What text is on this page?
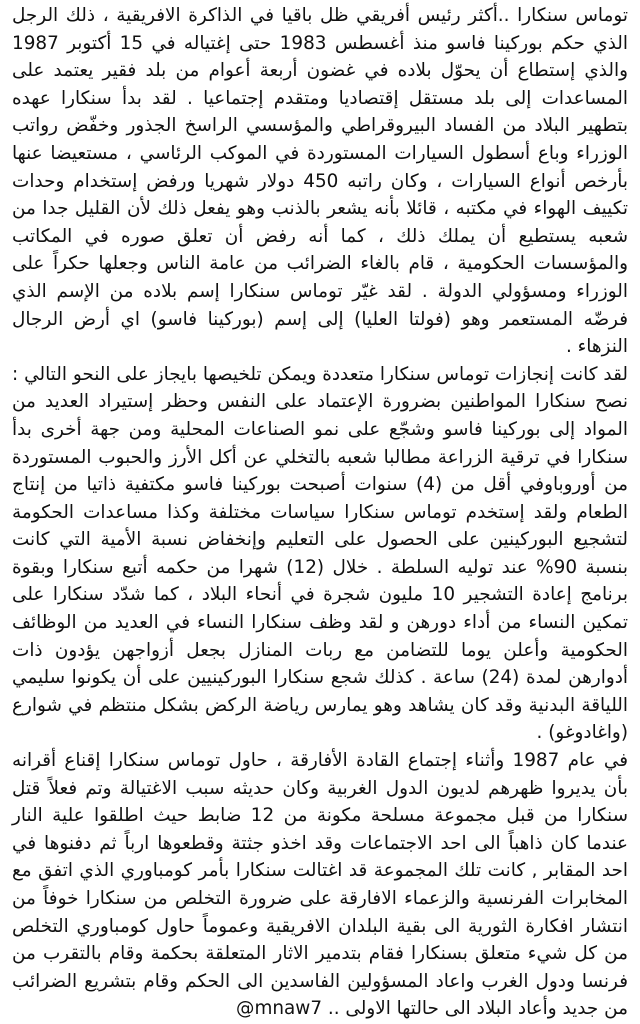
توماس سنكارا ..أكثر رئيس أفريقي ظل باقيا في الذاكرة الافريقية ، ذلك الرجل الذي حكم بوركينا فاسو منذ أغسطس 1983 حتى إغتياله في 15 أكتوبر 1987 والذي إستطاع أن يحوّل بلاده في غضون أربعة أعوام من بلد فقير يعتمد على المساعدات إلى بلد مستقل إقتصاديا ومتقدم إجتماعيا . لقد بدأ سنكارا عهده بتطهير البلاد من الفساد البيروقراطي والمؤسسي الراسخ الجذور وخفّض رواتب الوزراء وباع أسطول السيارات المستوردة في الموكب الرئاسي ، مستعيضا عنها بأرخص أنواع السيارات ، وكان راتبه 450 دولار شهريا ورفض إستخدام وحدات تكييف الهواء في مكتبه ، قائلا بأنه يشعر بالذنب وهو يفعل ذلك لأن القليل جدا من شعبه يستطيع أن يملك ذلك ، كما أنه رفض أن تعلق صوره في المكاتب والمؤسسات الحكومية ، قام بالغاء الضرائب من عامة الناس وجعلها حكراً على الوزراء ومسؤولي الدولة . لقد غيّر توماس سنكارا إسم بلاده من الإسم الذي فرضّه المستعمر وهو (فولتا العليا) إلى إسم (بوركينا فاسو) اي أرض الرجال النزهاء .

لقد كانت إنجازات توماس سنكارا متعددة ويمكن تلخيصها بايجاز على النحو التالي : نصح سنكارا المواطنين بضرورة الإعتماد على النفس وحظر إستيراد العديد من المواد إلى بوركينا فاسو وشجّع على نمو الصناعات المحلية ومن جهة أخرى بدأ سنكارا في ترقية الزراعة مطالبا شعبه بالتخلي عن أكل الأرز والحبوب المستوردة من أوروباوفي أقل من (4) سنوات أصبحت بوركينا فاسو مكتفية ذاتيا من إنتاج الطعام ولقد إستخدم توماس سنكارا سياسات مختلفة وكذا مساعدات الحكومة لتشجيع البوركينين على الحصول على التعليم وإنخفاض نسبة الأمية التي كانت بنسبة 90% عند توليه السلطة . خلال (12) شهرا من حكمه أتبع سنكارا وبقوة برنامج إعادة التشجير 10 مليون شجرة في أنحاء البلاد ، كما شدّد سنكارا على تمكين النساء من أداء دورهن و لقد وظف سنكارا النساء في العديد من الوظائف الحكومية وأعلن يوما للتضامن مع ربات المنازل بجعل أزواجهن يؤدون ذات أدوارهن لمدة (24) ساعة . كذلك شجع سنكارا البوركينيين على أن يكونوا سليمي اللياقة البدنية وقد كان يشاهد وهو يمارس رياضة الركض بشكل منتظم في شوارع (واغادوغو) .

في عام 1987 وأثناء إجتماع القادة الأفارقة ، حاول توماس سنكارا إقناع أقرانه بأن يديروا ظهرهم لديون الدول الغربية وكان حديثه سبب الاغتيالة وتم فعلاً قتل سنكارا من قبل مجموعة مسلحة مكونة من 12 ضابط حيث اطلقوا علية النار عندما كان ذاهباً الى احد الاجتماعات وقد اخذو جثتة وقطعوها ارباً ثم دفنوها في احد المقابر , كانت تلك المجموعة قد اغتالت سنكارا بأمر كومباوري الذي اتفق مع المخابرات الفرنسية والزعماء الافارقة على ضرورة التخلص من سنكارا خوفاً من انتشار افكارة الثورية الى بقية البلدان الافريقية وعموماً حاول كومباوري التخلص من كل شيء متعلق بسنكارا فقام بتدمير الاثار المتعلقة بحكمة وقام بالتقرب من فرنسا ودول الغرب واعاد المسؤولين الفاسدين الى الحكم وقام بتشريع الضرائب من جديد وأعاد البلاد الى حالتها الاولى .. @mnaw7
